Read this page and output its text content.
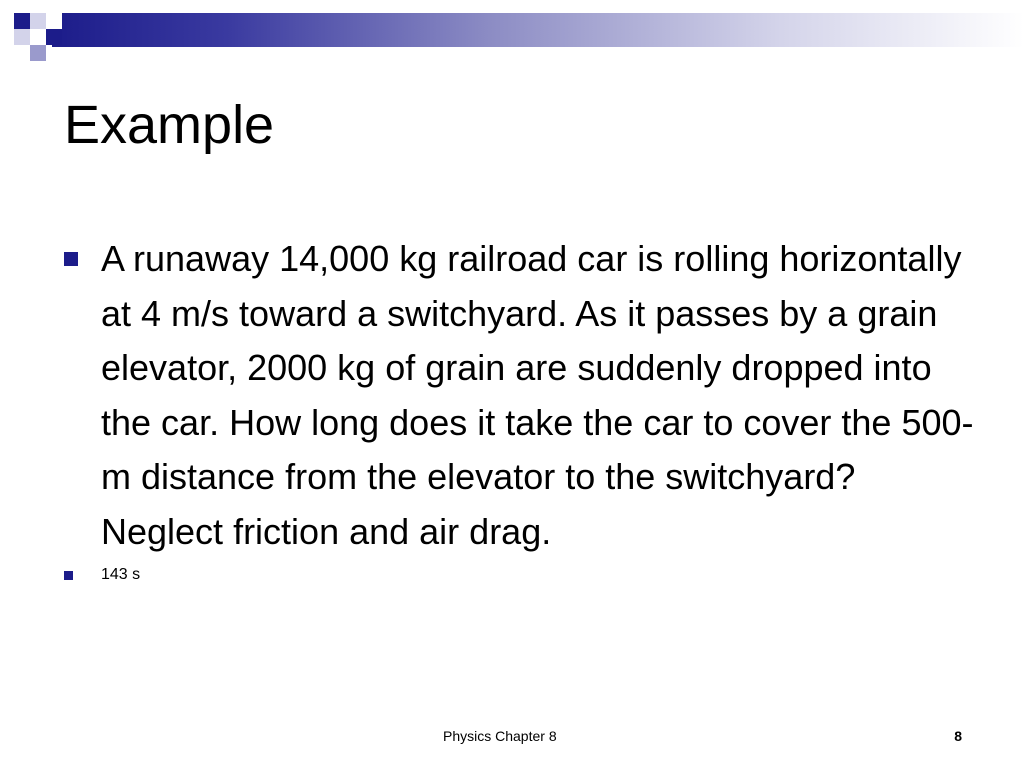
Example
A runaway 14,000 kg railroad car is rolling horizontally at 4 m/s toward a switchyard. As it passes by a grain elevator, 2000 kg of grain are suddenly dropped into the car. How long does it take the car to cover the 500-m distance from the elevator to the switchyard? Neglect friction and air drag.
143 s
Physics Chapter 8	8
